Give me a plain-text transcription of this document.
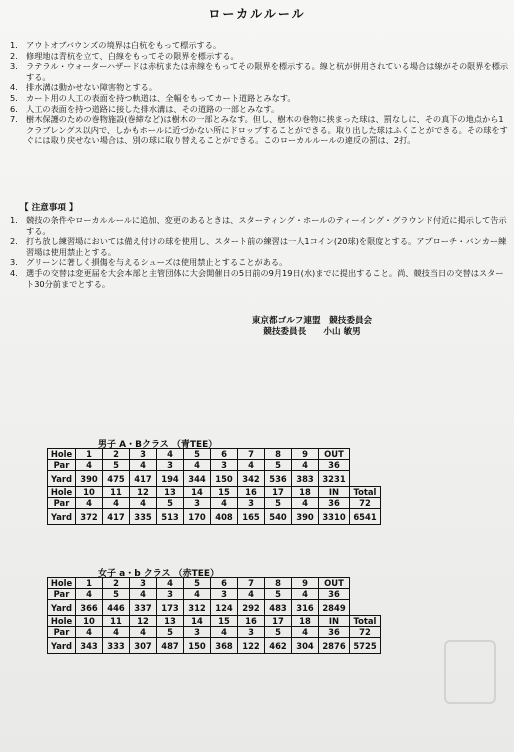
ローカルルール
1. アウトオブバウンズの境界は白杭をもって標示する。
2. 修理地は青杭を立て、白線をもってその限界を標示する。
3. ラテラル・ウォーターハザードは赤杭または赤線をもってその限界を標示する。線と杭が併用されている場合は線がその限界を標示する。
4. 排水溝は動かせない障害物とする。
5. カート用の人工の表面を持つ軌道は、全幅をもってカート道路とみなす。
6. 人工の表面を持つ道路に接した排水溝は、その道路の一部とみなす。
7. 樹木保護のための巻物施設(巻締など)は樹木の一部とみなす。但し、樹木の巻物に挟まった球は、罰なしに、その真下の地点から1クラブレングス以内で、しかもホールに近づかない所にドロップすることができる。取り出した球はふくことができる。その球をすぐには取り戻せない場合は、別の球に取り替えることができる。このローカルルールの違反の罰は、2打。
【 注意事項 】
1. 競技の条件やローカルルールに追加、変更のあるときは、スターティング・ホールのティーイング・グラウンド付近に掲示して告示する。
2. 打ち放し練習場においては備え付けの球を使用し、スタート前の練習は一人1コイン(20球)を限度とする。アプローチ・バンカー練習場は使用禁止とする。
3. グリーンに著しく損傷を与えるシューズは使用禁止とすることがある。
4. 選手の交替は変更届を大会本部と主管団体に大会開催日の5日前の9月19日(水)までに提出すること。尚、競技当日の交替はスタート30分前までとする。
東京都ゴルフ連盟　競技委員会
競技委員長　　小山 敏男
男子 A・Bクラス （青TEE）
Hole	1	2	3	4	5	6	7	8	9	OUT	
Par	4	5	4	3	4	3	4	5	4	36	
Yard	390	475	417	194	344	150	342	536	383	3231	
Hole	10	11	12	13	14	15	16	17	18	IN	Total
Par	4	4	4	5	3	4	3	5	4	36	72
Yard	372	417	335	513	170	408	165	540	390	3310	6541
女子 a・b クラス （赤TEE）
Hole	1	2	3	4	5	6	7	8	9	OUT	
Par	4	5	4	3	4	3	4	5	4	36	
Yard	366	446	337	173	312	124	292	483	316	2849	
Hole	10	11	12	13	14	15	16	17	18	IN	Total
Par	4	4	4	5	3	4	3	5	4	36	72
Yard	343	333	307	487	150	368	122	462	304	2876	5725
